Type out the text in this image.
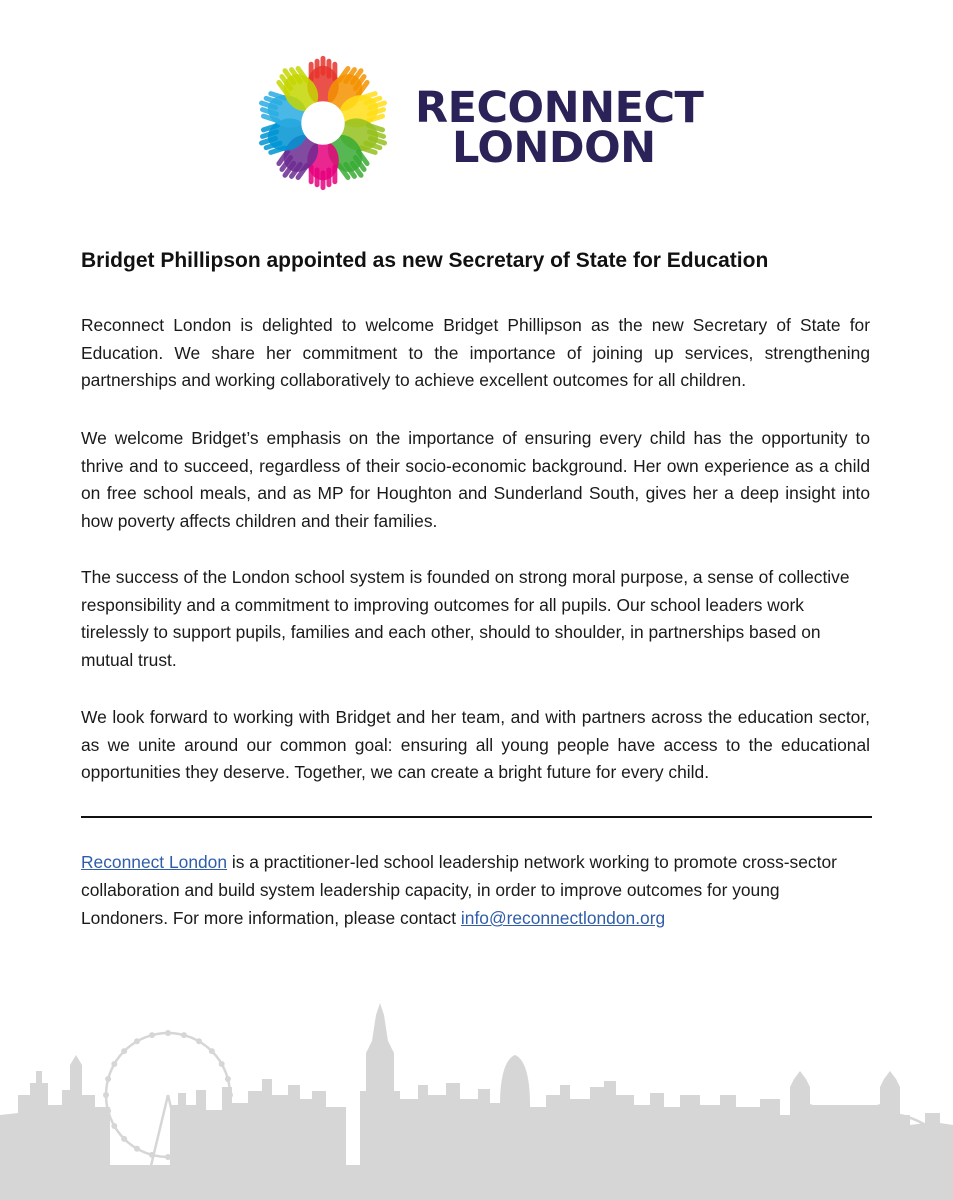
RECONNECT
LONDON
Bridget Phillipson appointed as new Secretary of State for Education

Reconnect London is delighted to welcome Bridget Phillipson as the new Secretary of State for Education. We share her commitment to the importance of joining up services, strengthening partnerships and working collaboratively to achieve excellent outcomes for all children.

We welcome Bridget’s emphasis on the importance of ensuring every child has the opportunity to thrive and to succeed, regardless of their socio-economic background. Her own experience as a child on free school meals, and as MP for Houghton and Sunderland South, gives her a deep insight into how poverty affects children and their families.

The success of the London school system is founded on strong moral purpose, a sense of collective responsibility and a commitment to improving outcomes for all pupils. Our school leaders work tirelessly to support pupils, families and each other, should to shoulder, in partnerships based on mutual trust.

We look forward to working with Bridget and her team, and with partners across the education sector, as we unite around our common goal: ensuring all young people have access to the educational opportunities they deserve. Together, we can create a bright future for every child.

Reconnect London is a practitioner-led school leadership network working to promote cross-sector collaboration and build system leadership capacity, in order to improve outcomes for young Londoners. For more information, please contact info@reconnectlondon.org
